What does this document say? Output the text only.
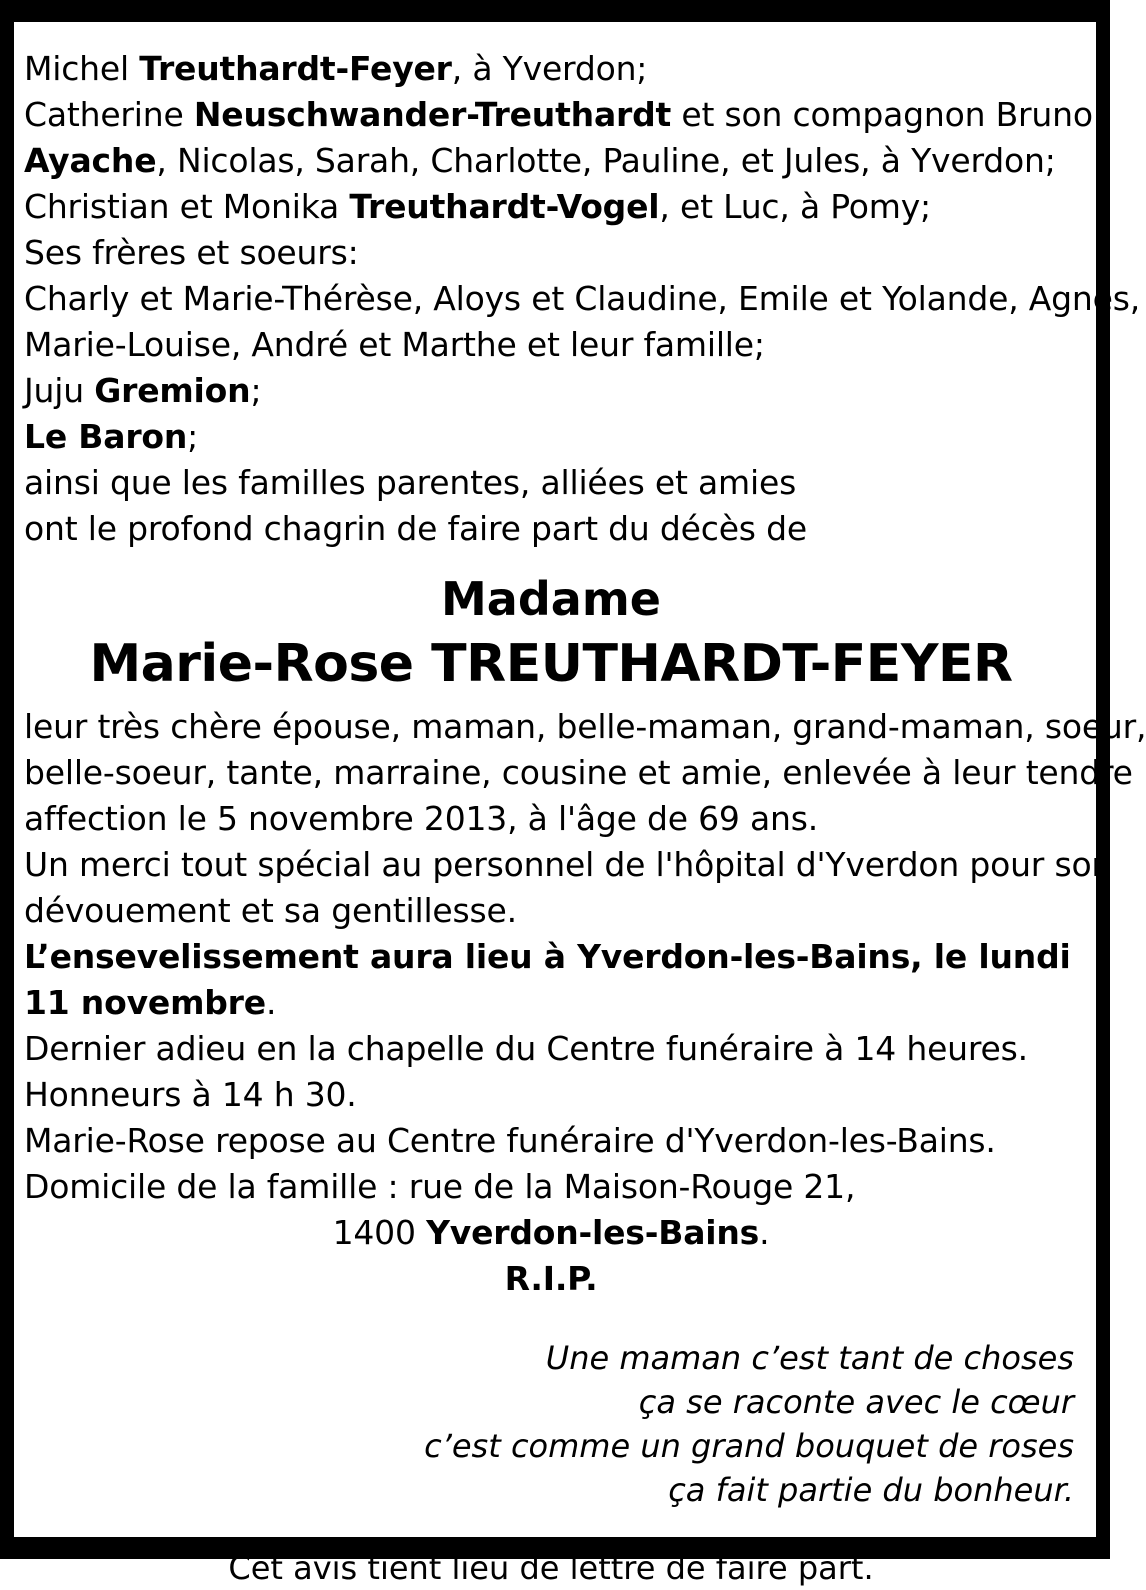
Michel Treuthardt-Feyer, à Yverdon;
Catherine Neuschwander-Treuthardt et son compagnon Bruno
Ayache, Nicolas, Sarah, Charlotte, Pauline, et Jules, à Yverdon;
Christian et Monika Treuthardt-Vogel, et Luc, à Pomy;
Ses frères et soeurs:
Charly et Marie-Thérèse, Aloys et Claudine, Emile et Yolande, Agnès,
Marie-Louise, André et Marthe et leur famille;
Juju Gremion;
Le Baron;
ainsi que les familles parentes, alliées et amies
ont le profond chagrin de faire part du décès de
Madame
Marie-Rose TREUTHARDT-FEYER
leur très chère épouse, maman, belle-maman, grand-maman, soeur,
belle-soeur, tante, marraine, cousine et amie, enlevée à leur tendre
affection le 5 novembre 2013, à l'âge de 69 ans.
Un merci tout spécial au personnel de l'hôpital d'Yverdon pour son
dévouement et sa gentillesse.
L’ensevelissement aura lieu à Yverdon-les-Bains, le lundi
11 novembre.
Dernier adieu en la chapelle du Centre funéraire à 14 heures.
Honneurs à 14 h 30.
Marie-Rose repose au Centre funéraire d'Yverdon-les-Bains.
Domicile de la famille : rue de la Maison-Rouge 21,
1400 Yverdon-les-Bains.
R.I.P.
Une maman c’est tant de choses
ça se raconte avec le cœur
c’est comme un grand bouquet de roses
ça fait partie du bonheur.
Cet avis tient lieu de lettre de faire part.
